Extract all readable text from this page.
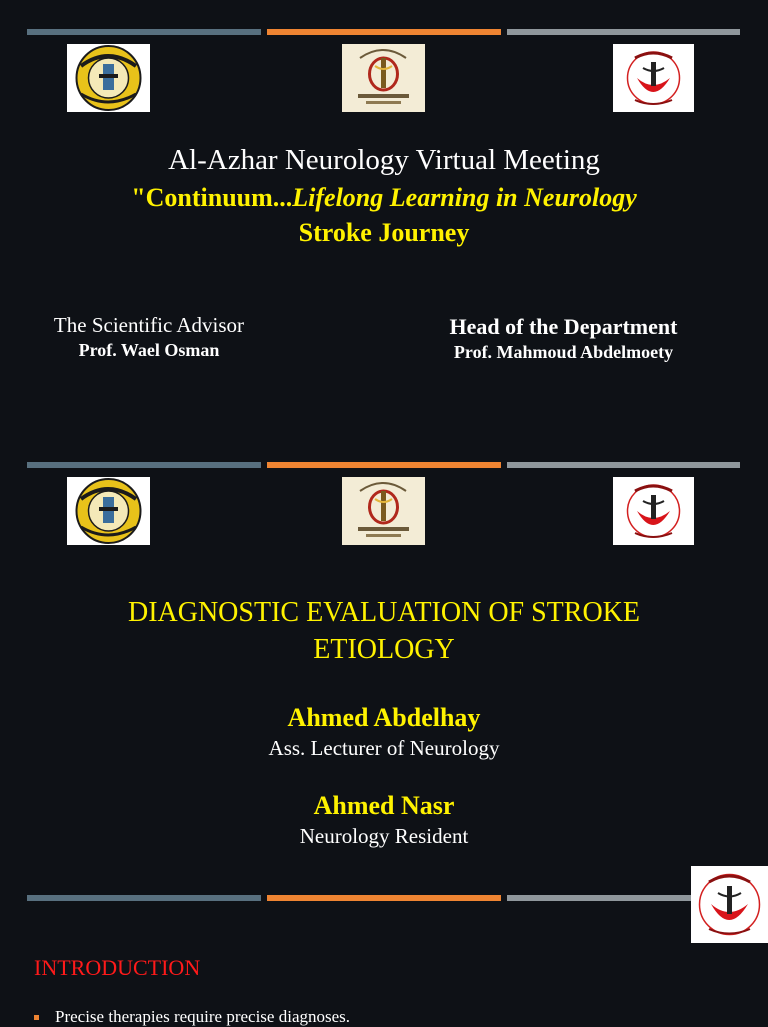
Al-Azhar Neurology Virtual Meeting
"Continuum...Lifelong Learning in Neurology
Stroke Journey
The Scientific Advisor
Prof. Wael Osman
Head of the Department
Prof. Mahmoud Abdelmoety
DIAGNOSTIC EVALUATION OF STROKE
ETIOLOGY
Ahmed Abdelhay
Ass. Lecturer of Neurology
Ahmed Nasr
Neurology Resident
INTRODUCTION
Precise therapies require precise diagnoses.
